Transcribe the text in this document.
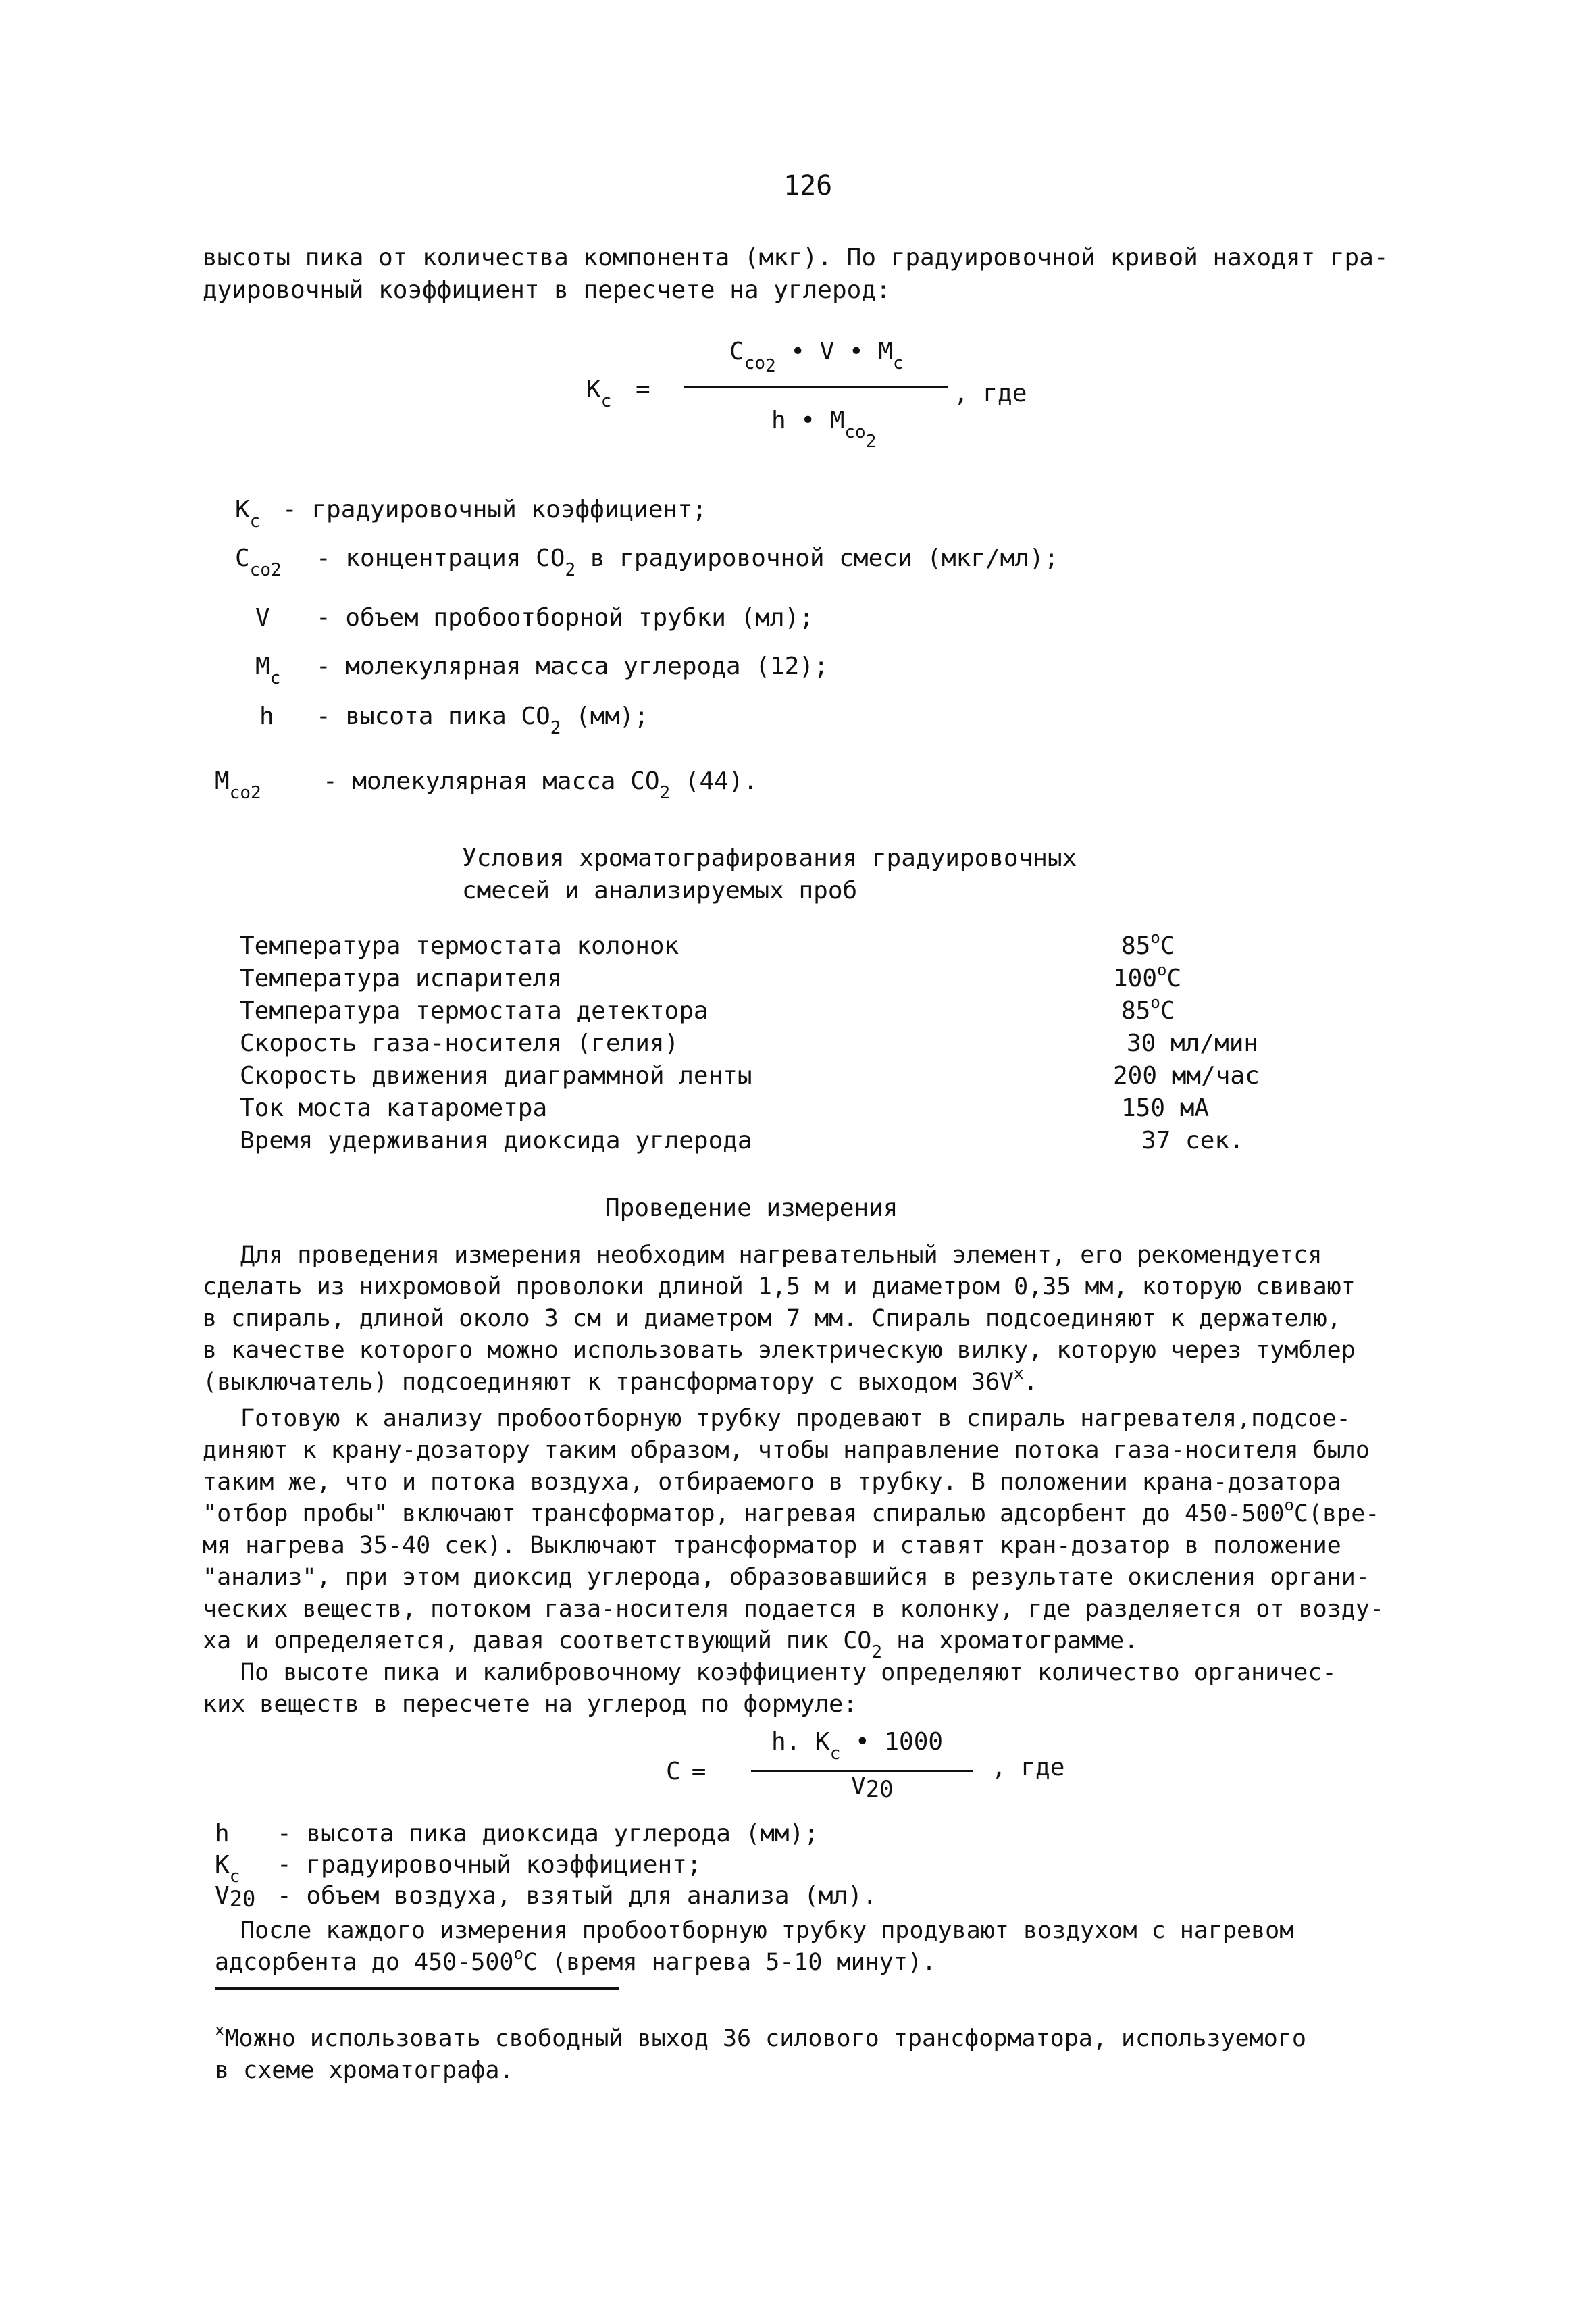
126
высоты пика от количества компонента (мкг). По градуировочной кривой находят гра-
дуировочный коэффициент в пересчете на углерод:
$K_c$ =
$C_{co2}$ • V • $M_c$
h • $M_{co2}$
, где
$K_c$ - градуировочный коэффициент;
$C_{co2}$ - концентрация $CO_2$ в градуировочной смеси (мкг/мл);
V - объем пробоотборной трубки (мл);
$M_c$ - молекулярная масса углерода (12);
h - высота пика $CO_2$ (мм);
$M_{co2}$	- молекулярная масса $CO_2$ (44).
Условия хроматографирования градуировочных
смесей и анализируемых проб
Температура термостата колонок	85$^o$C
Температура испарителя	100$^o$C
Температура термостата детектора	85$^o$C
Скорость газа-носителя (гелия)	30 мл/мин
Скорость движения диаграммной ленты	200 мм/час
Ток моста катарометра	150 мА
Время удерживания диоксида углерода	37 сек.
Проведение измерения
Для проведения измерения необходим нагревательный элемент, его рекомендуется
сделать из нихромовой проволоки длиной 1,5 м и диаметром 0,35 мм, которую свивают
в спираль, длиной около 3 см и диаметром 7 мм. Спираль подсоединяют к держателю,
в качестве которого можно использовать электрическую вилку, которую через тумблер
(выключатель) подсоединяют к трансформатору с выходом $36V^x$.
Готовую к анализу пробоотборную трубку продевают в спираль нагревателя,подсое-
диняют к крану-дозатору таким образом, чтобы направление потока газа-носителя было
таким же, что и потока воздуха, отбираемого в трубку. В положении крана-дозатора
"отбор пробы" включают трансформатор, нагревая спиралью адсорбент до 450-500$^o$C(вре-
мя нагрева 35-40 сек). Выключают трансформатор и ставят кран-дозатор в положение
"анализ", при этом диоксид углерода, образовавшийся в результате окисления органи-
ческих веществ, потоком газа-носителя подается в колонку, где разделяется от возду-
ха и определяется, давая соответствующий пик $CO_2$ на хроматограмме.
По высоте пика и калибровочному коэффициенту определяют количество органичес-
ких веществ в пересчете на углерод по формуле:
C =
h. $K_c$ • 1000
V20
, где
h - высота пика диоксида углерода (мм);
$K_c$ - градуировочный коэффициент;
V20 - объем воздуха, взятый для анализа (мл).
После каждого измерения пробоотборную трубку продувают воздухом с нагревом
адсорбента до 450-500$^o$C (время нагрева 5-10 минут).
$^x$Можно использовать свободный выход 36 силового трансформатора, используемого
в схеме хроматографа.
